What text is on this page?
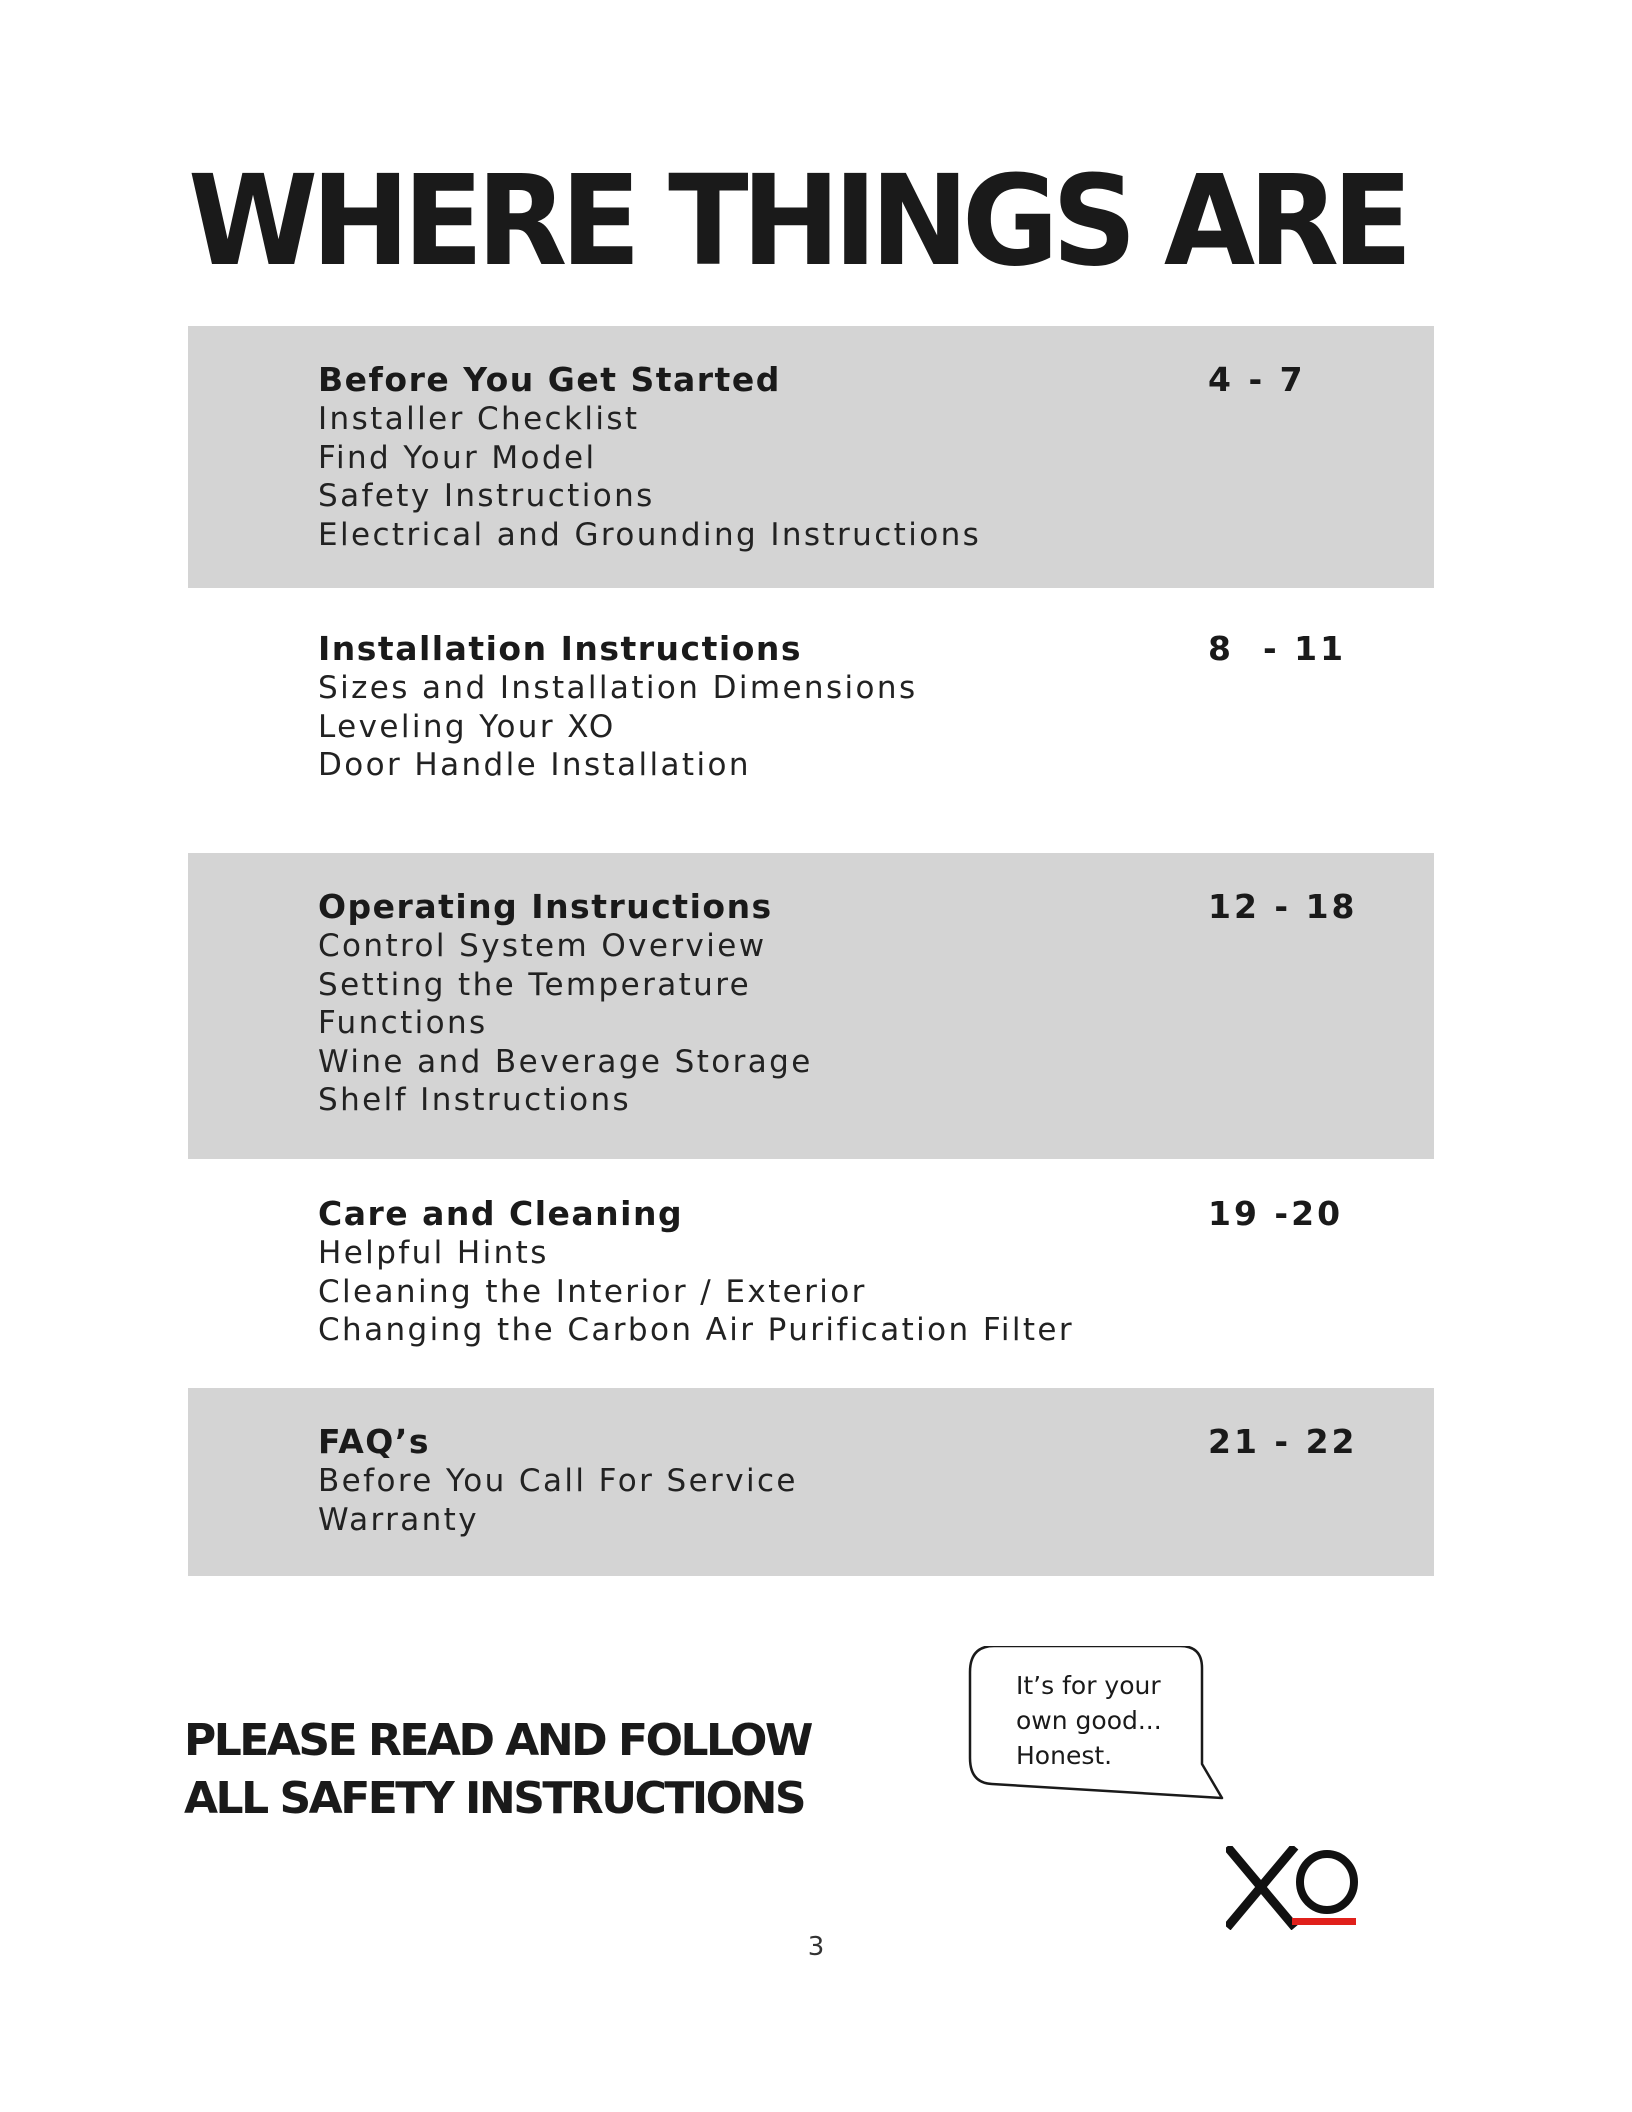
WHERE THINGS ARE
Before You Get Started
Installer Checklist
Find Your Model
Safety Instructions
Electrical and Grounding Instructions
4 - 7
Installation Instructions
Sizes and Installation Dimensions
Leveling Your XO
Door Handle Installation
8  - 11
Operating Instructions
Control System Overview
Setting the Temperature
Functions
Wine and Beverage Storage
Shelf Instructions
12 - 18
Care and Cleaning
Helpful Hints
Cleaning the Interior / Exterior
Changing the Carbon Air Purification Filter
19 -20
FAQ’s
Before You Call For Service
Warranty
21 - 22
PLEASE READ AND FOLLOW
ALL SAFETY INSTRUCTIONS
It’s for your
own good...
Honest.
3
